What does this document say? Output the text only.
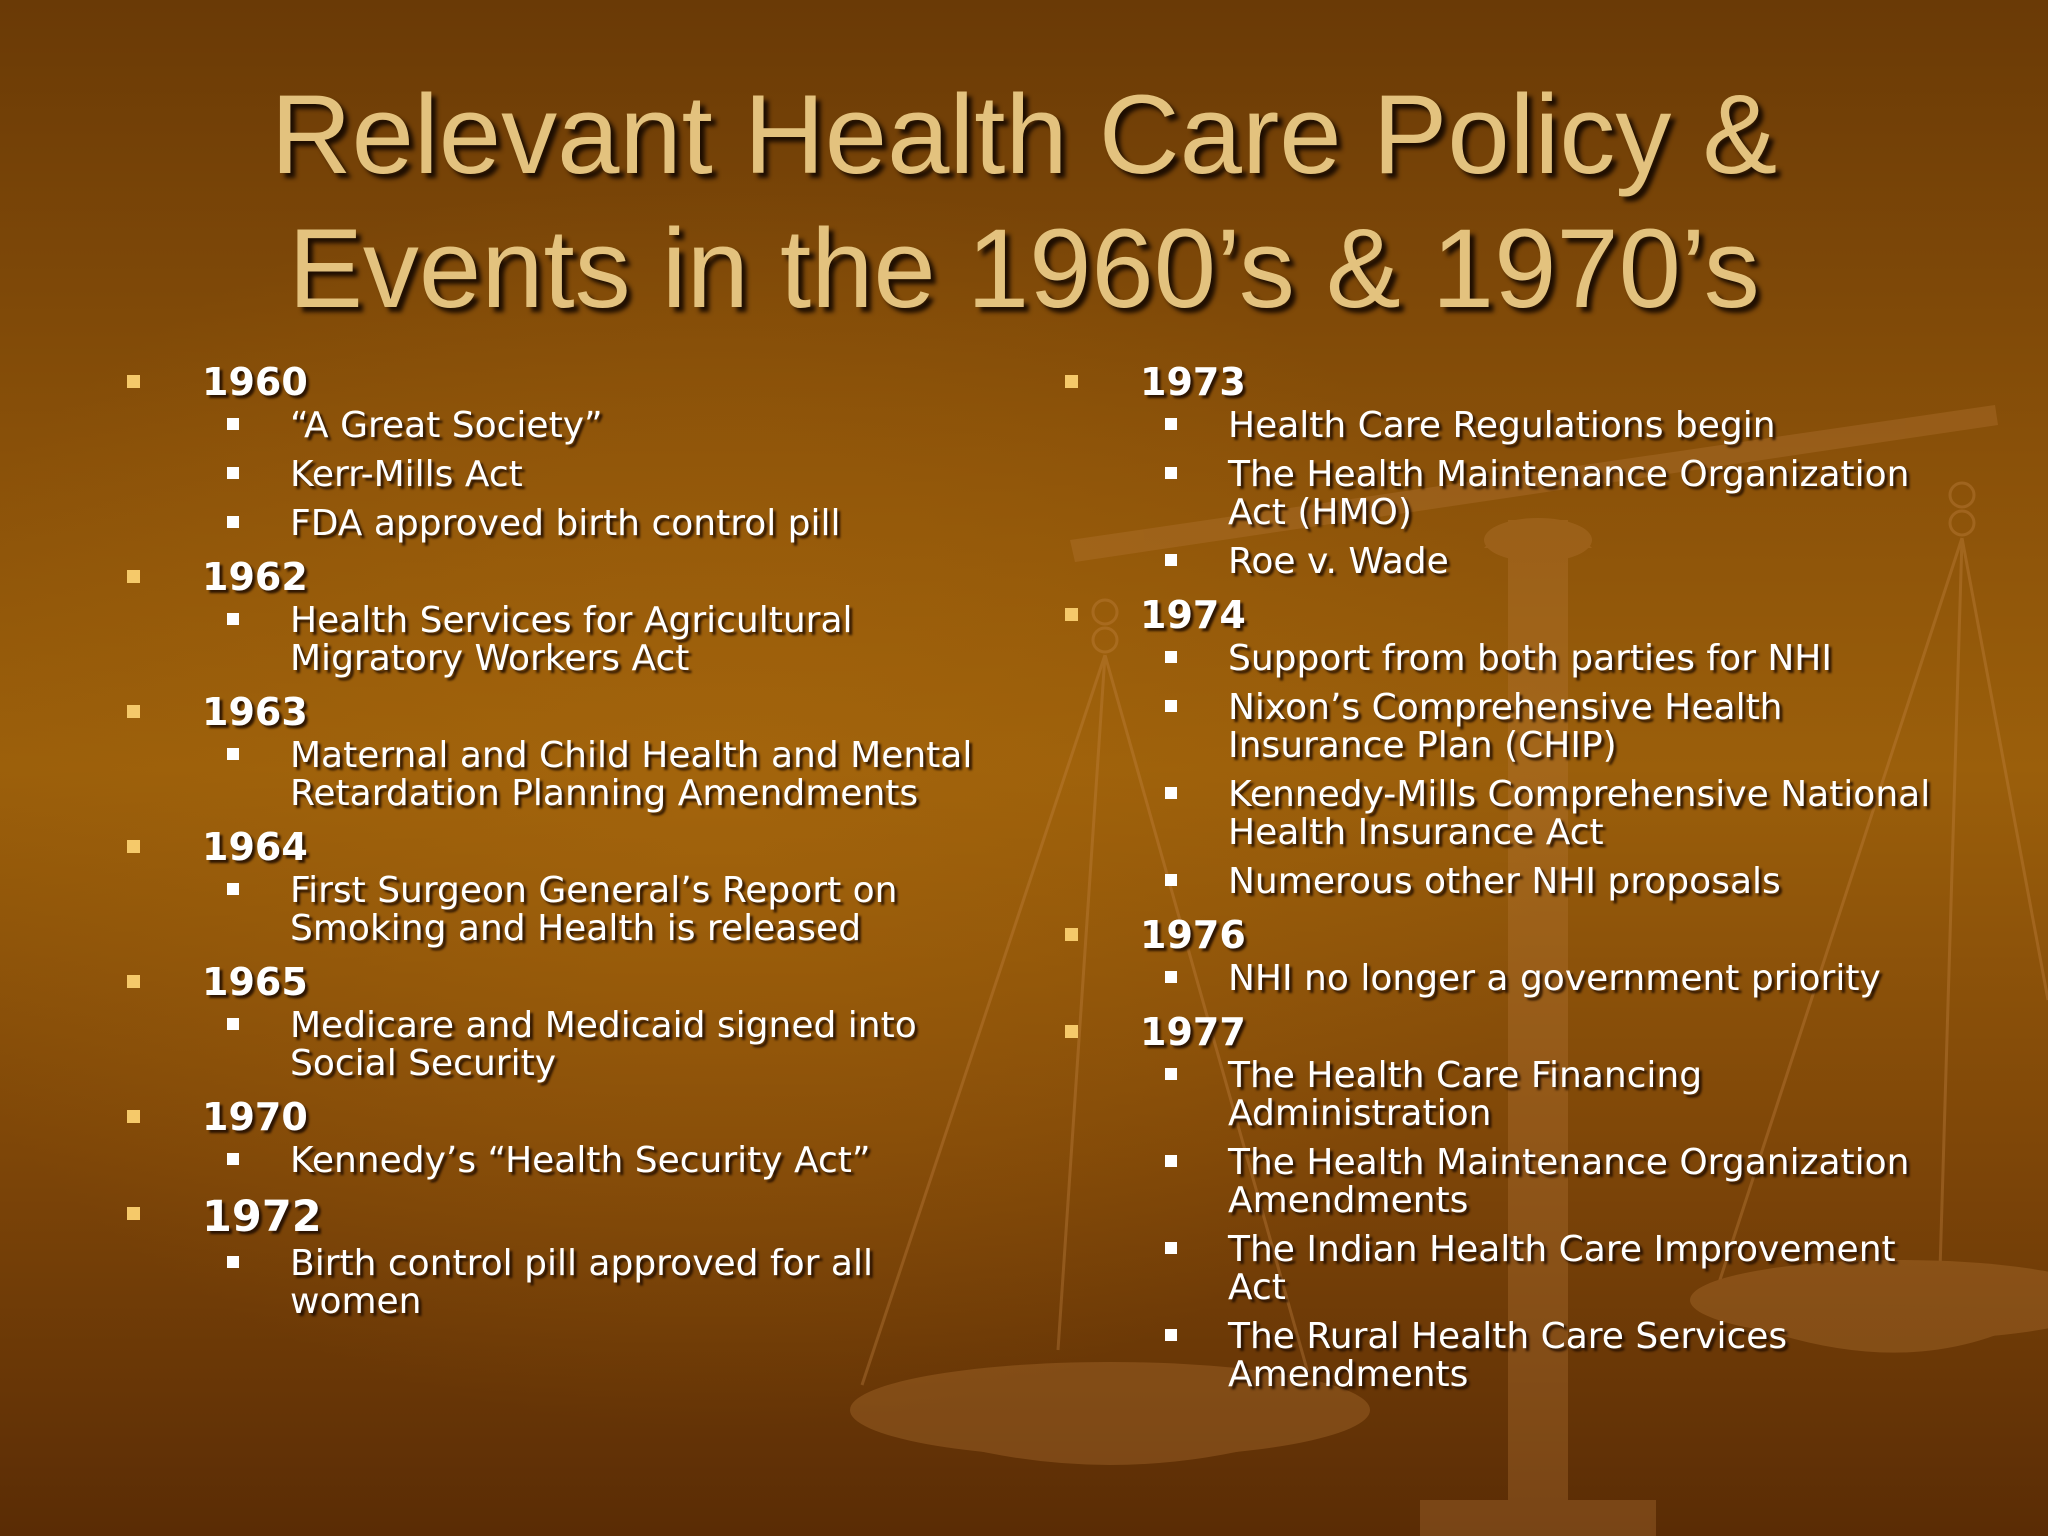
Relevant Health Care Policy &
Events in the 1960’s & 1970’s
1960
“A Great Society”
Kerr-Mills Act
FDA approved birth control pill
1962
Health Services for Agricultural Migratory Workers Act
1963
Maternal and Child Health and Mental Retardation Planning Amendments
1964
First Surgeon General’s Report on Smoking and Health is released
1965
Medicare and Medicaid signed into Social Security
1970
Kennedy’s “Health Security Act”
1972
Birth control pill approved for all women
1973
Health Care Regulations begin
The Health Maintenance Organization Act (HMO)
Roe v. Wade
1974
Support from both parties for NHI
Nixon’s Comprehensive Health Insurance Plan (CHIP)
Kennedy-Mills Comprehensive National Health Insurance Act
Numerous other NHI proposals
1976
NHI no longer a government priority
1977
The Health Care Financing Administration
The Health Maintenance Organization Amendments
The Indian Health Care Improvement Act
The Rural Health Care Services Amendments
